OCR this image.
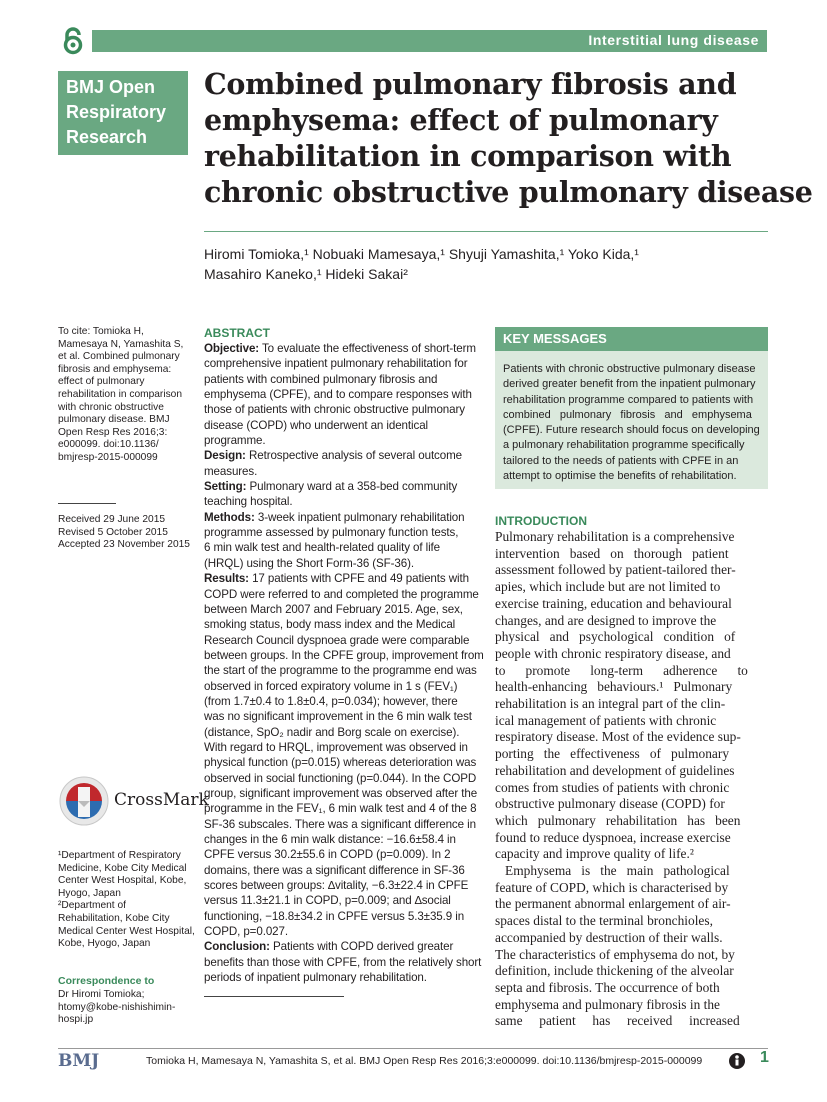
Interstitial lung disease
BMJ Open
Respiratory
Research
Combined pulmonary fibrosis and
emphysema: effect of pulmonary
rehabilitation in comparison with
chronic obstructive pulmonary disease
Hiromi Tomioka,¹ Nobuaki Mamesaya,¹ Shyuji Yamashita,¹ Yoko Kida,¹
Masahiro Kaneko,¹ Hideki Sakai²
To cite: Tomioka H,
Mamesaya N, Yamashita S,
et al. Combined pulmonary
fibrosis and emphysema:
effect of pulmonary
rehabilitation in comparison
with chronic obstructive
pulmonary disease. BMJ
Open Resp Res 2016;3:
e000099. doi:10.1136/
bmjresp-2015-000099
Received 29 June 2015
Revised 5 October 2015
Accepted 23 November 2015
CrossMark
¹Department of Respiratory
Medicine, Kobe City Medical
Center West Hospital, Kobe,
Hyogo, Japan
²Department of
Rehabilitation, Kobe City
Medical Center West Hospital,
Kobe, Hyogo, Japan
Correspondence to
Dr Hiromi Tomioka;
htomy@kobe-nishishimin-
hospi.jp
ABSTRACT
Objective: To evaluate the effectiveness of short-term
comprehensive inpatient pulmonary rehabilitation for
patients with combined pulmonary fibrosis and
emphysema (CPFE), and to compare responses with
those of patients with chronic obstructive pulmonary
disease (COPD) who underwent an identical
programme.
Design: Retrospective analysis of several outcome
measures.
Setting: Pulmonary ward at a 358-bed community
teaching hospital.
Methods: 3-week inpatient pulmonary rehabilitation
programme assessed by pulmonary function tests,
6 min walk test and health-related quality of life
(HRQL) using the Short Form-36 (SF-36).
Results: 17 patients with CPFE and 49 patients with
COPD were referred to and completed the programme
between March 2007 and February 2015. Age, sex,
smoking status, body mass index and the Medical
Research Council dyspnoea grade were comparable
between groups. In the CPFE group, improvement from
the start of the programme to the programme end was
observed in forced expiratory volume in 1 s (FEV₁)
(from 1.7±0.4 to 1.8±0.4, p=0.034); however, there
was no significant improvement in the 6 min walk test
(distance, SpO₂ nadir and Borg scale on exercise).
With regard to HRQL, improvement was observed in
physical function (p=0.015) whereas deterioration was
observed in social functioning (p=0.044). In the COPD
group, significant improvement was observed after the
programme in the FEV₁, 6 min walk test and 4 of the 8
SF-36 subscales. There was a significant difference in
changes in the 6 min walk distance: −16.6±58.4 in
CPFE versus 30.2±55.6 in COPD (p=0.009). In 2
domains, there was a significant difference in SF-36
scores between groups: ∆vitality, −6.3±22.4 in CPFE
versus 11.3±21.1 in COPD, p=0.009; and ∆social
functioning, −18.8±34.2 in CPFE versus 5.3±35.9 in
COPD, p=0.027.
Conclusion: Patients with COPD derived greater
benefits than those with CPFE, from the relatively short
periods of inpatient pulmonary rehabilitation.
KEY MESSAGES
Patients with chronic obstructive pulmonary disease
derived greater benefit from the inpatient pulmonary
rehabilitation programme compared to patients with
combined   pulmonary   fibrosis   and   emphysema
(CPFE). Future research should focus on developing
a pulmonary rehabilitation programme specifically
tailored to the needs of patients with CPFE in an
attempt to optimise the benefits of rehabilitation.
INTRODUCTION
Pulmonary rehabilitation is a comprehensive
intervention   based   on   thorough   patient
assessment followed by patient-tailored ther-
apies, which include but are not limited to
exercise training, education and behavioural
changes, and are designed to improve the
physical   and   psychological   condition   of
people with chronic respiratory disease, and
to      promote      long-term      adherence      to
health-enhancing   behaviours.¹   Pulmonary
rehabilitation is an integral part of the clin-
ical management of patients with chronic
respiratory disease. Most of the evidence sup-
porting   the   effectiveness   of   pulmonary
rehabilitation and development of guidelines
comes from studies of patients with chronic
obstructive pulmonary disease (COPD) for
which   pulmonary   rehabilitation   has   been
found to reduce dyspnoea, increase exercise
capacity and improve quality of life.²
Emphysema   is   the   main   pathological
feature of COPD, which is characterised by
the permanent abnormal enlargement of air-
spaces distal to the terminal bronchioles,
accompanied by destruction of their walls.
The characteristics of emphysema do not, by
definition, include thickening of the alveolar
septa and fibrosis. The occurrence of both
emphysema and pulmonary fibrosis in the
same     patient     has     received     increased
BMJ	Tomioka H, Mamesaya N, Yamashita S, et al. BMJ Open Resp Res 2016;3:e000099. doi:10.1136/bmjresp-2015-000099	1
